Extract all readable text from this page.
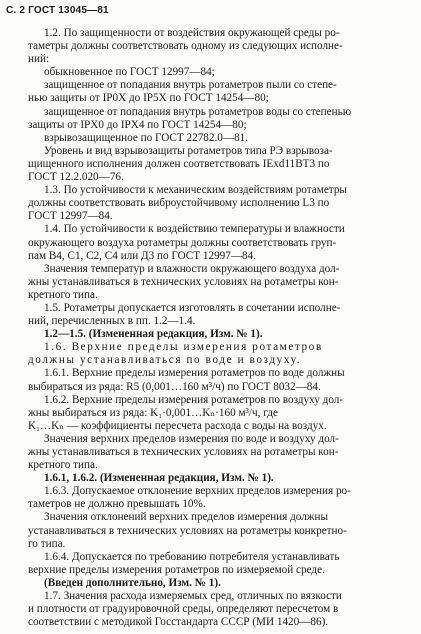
С. 2 ГОСТ 13045—81
1.2. По защищенности от воздействия окружающей среды ро-
таметры должны соответствовать одному из следующих исполне-
ний:
обыкновенное по ГОСТ 12997—84;
защищенное от попадания внутрь ротаметров пыли со степе-
нью защиты от IP0X до IP5X по ГОСТ 14254—80;
защищенное от попадания внутрь ротаметров воды со степенью
защиты от IPX0 до IPX4 по ГОСТ 14254—80;
взрывозащищенное по ГОСТ 22782.0—81.
Уровень и вид взрывозащиты ротаметров типа РЭ взрывоза-
щищенного исполнения должен соответствовать IExd11BT3 по
ГОСТ 12.2.020—76.
1.3. По устойчивости к механическим воздействиям ротаметры
должны соответствовать виброустойчивому исполнению L3 по
ГОСТ 12997—84.
1.4. По устойчивости к воздействию температуры и влажности
окружающего воздуха ротаметры должны соответствовать груп-
пам В4, С1, С2, С4 или Д3 по ГОСТ 12997—84.
Значения температур и влажности окружающего воздуха дол-
жны устанавливаться в технических условиях на ротаметры кон-
кретного типа.
1.5. Ротаметры допускается изготовлять в сочетании исполне-
ний, перечисленных в пп. 1.2—1.4.
1.2—1.5. (Измененная редакция, Изм. № 1).
1.6. Верхние пределы измерения ротаметров
должны устанавливаться по воде и воздуху.
1.6.1. Верхние пределы измерения ротаметров по воде должны
выбираться из ряда: R5 (0,001…160 м³/ч) по ГОСТ 8032—84.
1.6.2. Верхние пределы измерения ротаметров по воздуху дол-
жны выбираться из ряда: K₁·0,001…Kₙ·160 м³/ч, где
K₁…Kₙ — коэффициенты пересчета расхода с воды на воздух.
Значения верхних пределов измерения по воде и воздуху дол-
жны устанавливаться в технических условиях на ротаметры кон-
кретного типа.
1.6.1, 1.6.2. (Измененная редакция, Изм. № 1).
1.6.3. Допускаемое отклонение верхних пределов измерения ро-
таметров не должно превышать 10%.
Значения отклонений верхних пределов измерения должны
устанавливаться в технических условиях на ротаметры конкретно-
го типа.
1.6.4. Допускается по требованию потребителя устанавливать
верхние пределы измерения ротаметров по измеряемой среде.
(Введен дополнительно, Изм. № 1).
1.7. Значения расхода измеряемых сред, отличных по вязкости
и плотности от градуировочной среды, определяют пересчетом в
соответствии с методикой Госстандарта СССР (МИ 1420—86).
